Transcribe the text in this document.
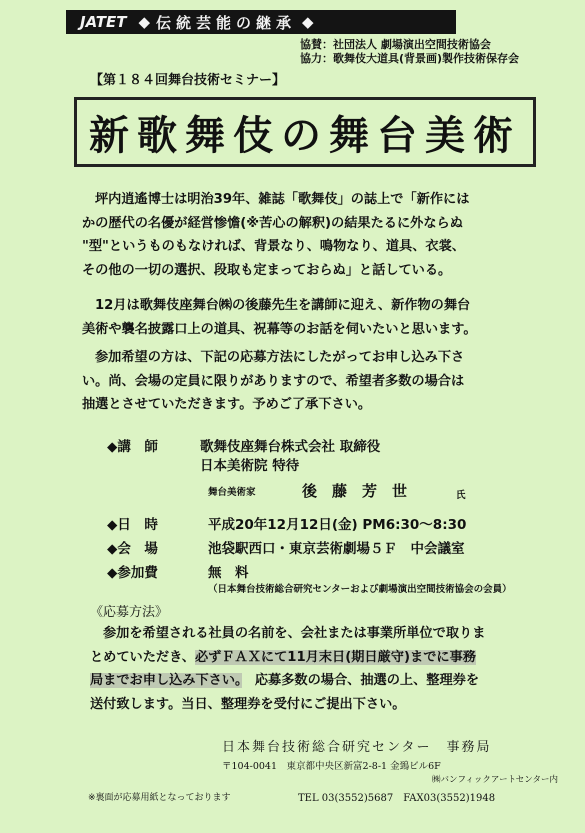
JATET ◆ 伝統芸能の継承 ◆
協賛：社団法人 劇場演出空間技術協会
協力：歌舞伎大道具(背景画)製作技術保存会
【第１８４回舞台技術セミナー】
新歌舞伎の舞台美術
坪内逍遙博士は明治39年、雑誌「歌舞伎」の誌上で「新作には
かの歴代の名優が経営惨憺(※苦心の解釈)の結果たるに外ならぬ
"型"というものもなければ、背景なり、鳴物なり、道具、衣裳、
その他の一切の選択、段取も定まっておらぬ」と話している。
12月は歌舞伎座舞台㈱の後藤先生を講師に迎え、新作物の舞台
美術や襲名披露口上の道具、祝幕等のお話を伺いたいと思います。
参加希望の方は、下記の応募方法にしたがってお申し込み下さ
い。尚、会場の定員に限りがありますので、希望者多数の場合は
抽選とさせていただきます。予めご了承下さい。
◆講　師	歌舞伎座舞台株式会社 取締役
日本美術院 特待
舞台美術家	後　藤　芳　世	氏
◆日　時	平成20年12月12日(金) PM6:30～8:30
◆会　場	池袋駅西口・東京芸術劇場５Ｆ　中会議室
◆参加費	無　料
（日本舞台技術総合研究センターおよび劇場演出空間技術協会の会員）
《応募方法》
参加を希望される社員の名前を、会社または事業所単位で取りま
とめていただき、必ずＦＡＸにて11月末日(期日厳守)までに事務
局までお申し込み下さい。　 応募多数の場合、抽選の上、整理券を
送付致します。当日、整理券を受付にご提出下さい。
日本舞台技術総合研究センター　事務局
〒104-0041　東京都中央区新富2-8-1 金鵄ビル6F
㈱バンフィックアートセンター内
※裏面が応募用紙となっております	TEL 03(3552)5687　FAX03(3552)1948
